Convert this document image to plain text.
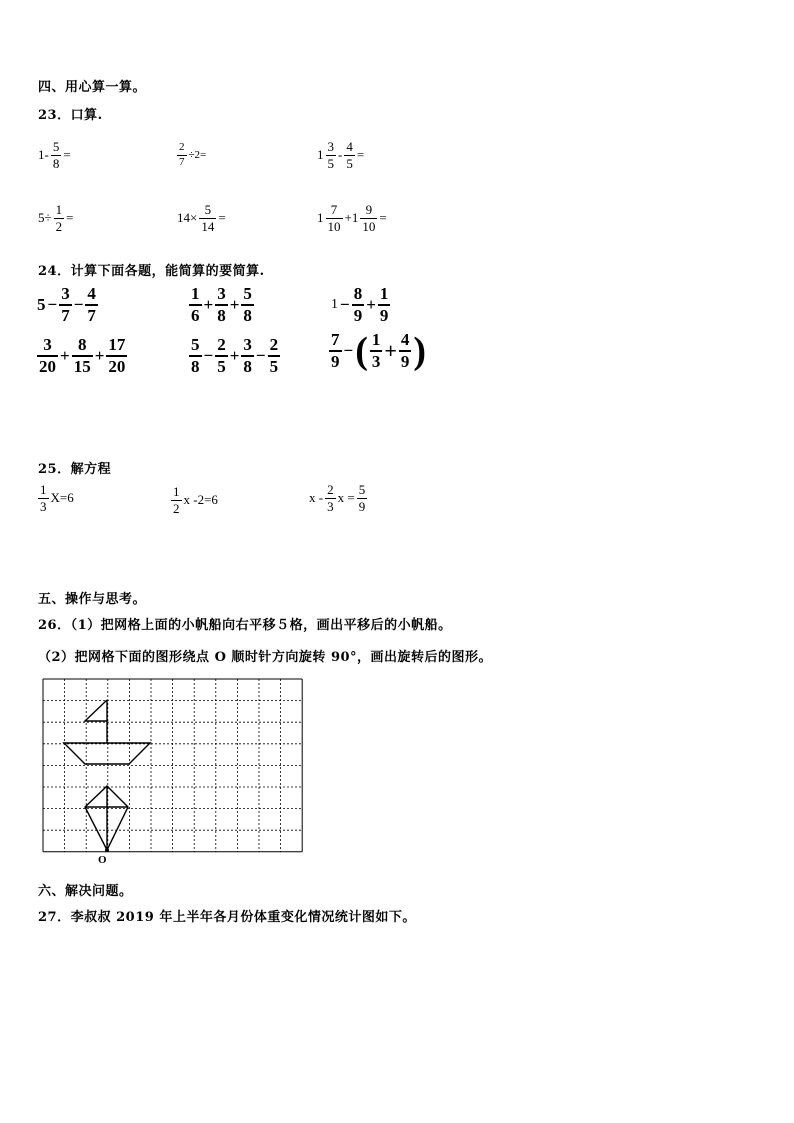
四、用心算一算。
23．口算.
$1- \frac{5}{8}$ =	$\frac{2}{7} \div 2=$	$1 \frac{3}{5} - \frac{4}{5}$ =
$5\div \frac{1}{2}$ =	$14\times \frac{5}{14}$ =	$1 \frac{7}{10} +1 \frac{9}{10}$ =
24．计算下面各题，能简算的要简算.
$5 - \frac{3}{7} - \frac{4}{7}$	$\frac{1}{6} + \frac{3}{8} + \frac{5}{8}$	$1 - \frac{8}{9} + \frac{1}{9}$
$\frac{3}{20} + \frac{8}{15} + \frac{17}{20}$	$\frac{5}{8} - \frac{2}{5} + \frac{3}{8} - \frac{2}{5}$	$\frac{7}{9}$ − ( $\frac{1}{3} + \frac{4}{9}$ )
25．解方程
$\frac{1}{3} X=6$	$\frac{1}{2}$ x -2=6	x - $\frac{2}{3}$ $x = \frac{5}{9}$
五、操作与思考。
26．（1）把网格上面的小帆船向右平移５格，画出平移后的小帆船。
（2）把网格下面的图形绕点 O 顺时针方向旋转 90°，画出旋转后的图形。
O
六、解决问题。
27．李叔叔 2019 年上半年各月份体重变化情况统计图如下。
